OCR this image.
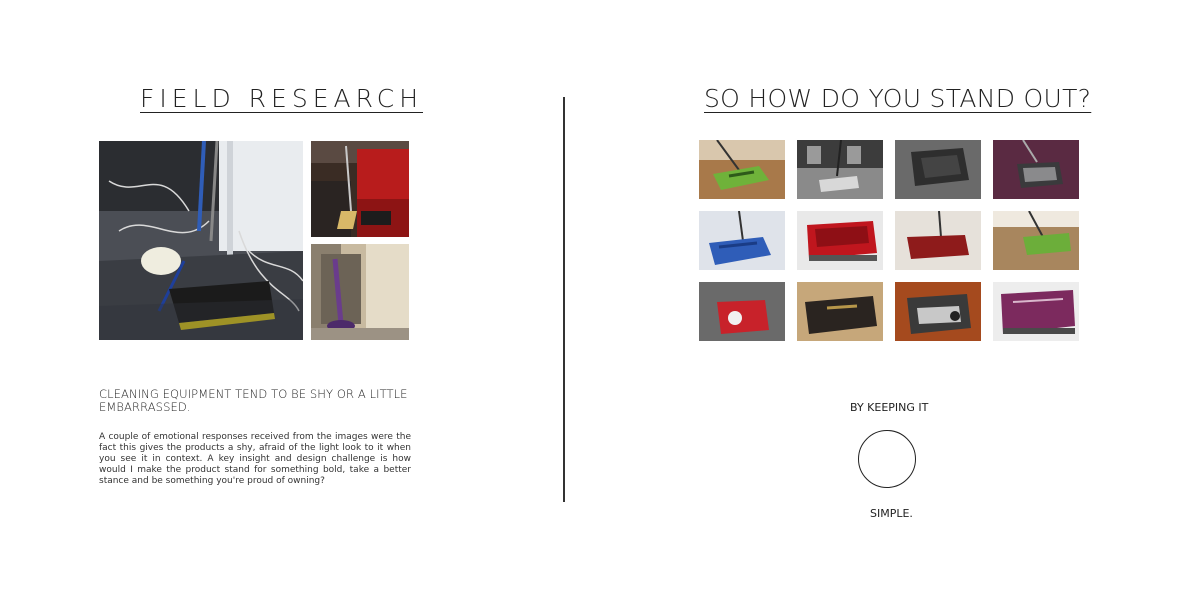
FIELD RESEARCH	SO HOW DO YOU STAND OUT?
CLEANING EQUIPMENT TEND TO BE SHY OR A LITTLE EMBARRASSED.
A couple of emotional responses received from the images were the fact this gives the products a shy, afraid of the light look to it when you see it in context. A key insight and design challenge is how would I make the product stand for something bold, take a better stance and be something you're proud of owning?
BY KEEPING IT
SIMPLE.
